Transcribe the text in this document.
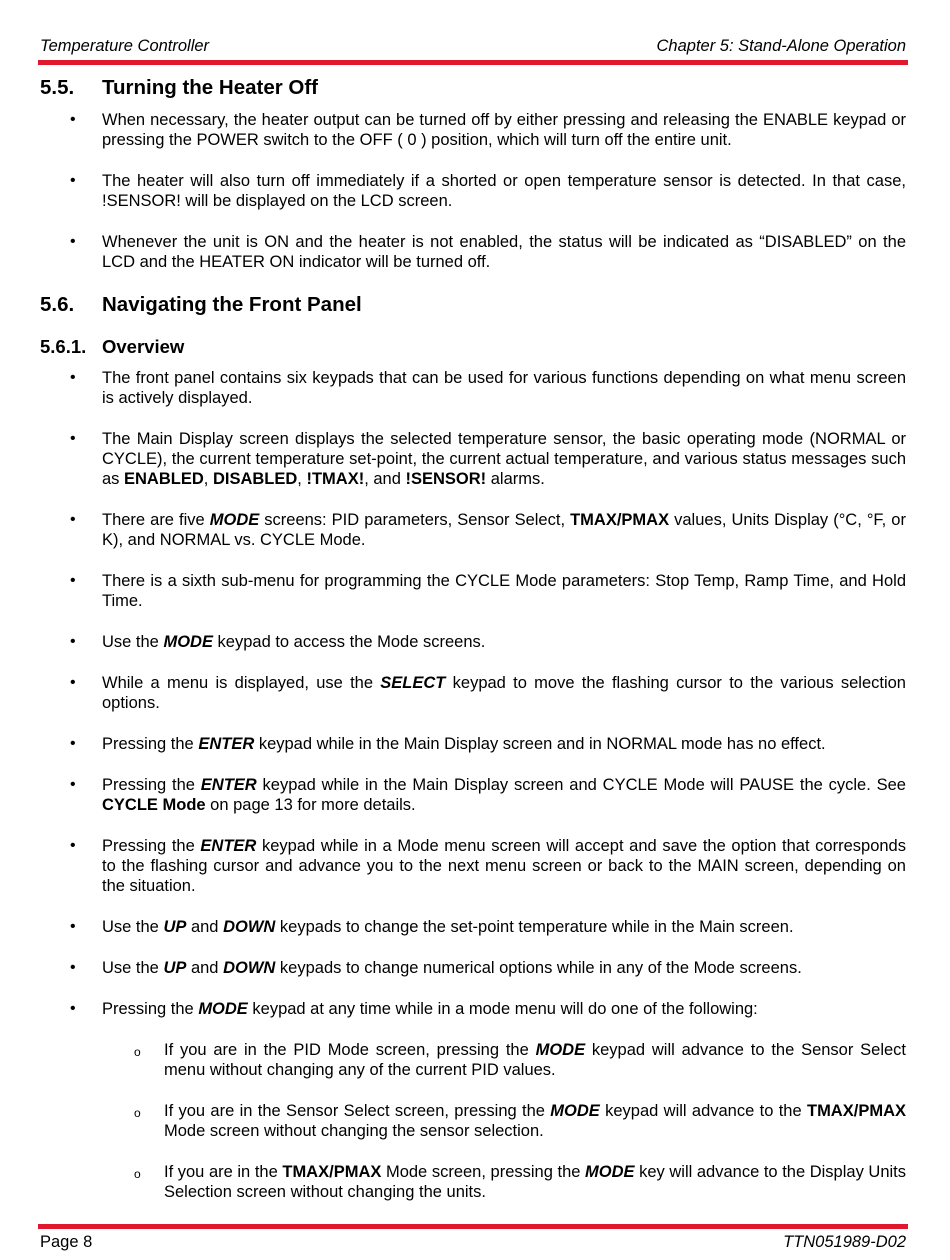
Temperature Controller	Chapter 5: Stand-Alone Operation
5.5.	Turning the Heater Off
• When necessary, the heater output can be turned off by either pressing and releasing the ENABLE keypad or pressing the POWER switch to the OFF ( 0 ) position, which will turn off the entire unit.
• The heater will also turn off immediately if a shorted or open temperature sensor is detected. In that case, !SENSOR! will be displayed on the LCD screen.
• Whenever the unit is ON and the heater is not enabled, the status will be indicated as “DISABLED” on the LCD and the HEATER ON indicator will be turned off.
5.6.	Navigating the Front Panel
5.6.1. Overview
• The front panel contains six keypads that can be used for various functions depending on what menu screen is actively displayed.
• The Main Display screen displays the selected temperature sensor, the basic operating mode (NORMAL or CYCLE), the current temperature set-point, the current actual temperature, and various status messages such as ENABLED, DISABLED, !TMAX!, and !SENSOR! alarms.
• There are five MODE screens: PID parameters, Sensor Select, TMAX/PMAX values, Units Display (°C, °F, or K), and NORMAL vs. CYCLE Mode.
• There is a sixth sub-menu for programming the CYCLE Mode parameters: Stop Temp, Ramp Time, and Hold Time.
• Use the MODE keypad to access the Mode screens.
• While a menu is displayed, use the SELECT keypad to move the flashing cursor to the various selection options.
• Pressing the ENTER keypad while in the Main Display screen and in NORMAL mode has no effect.
• Pressing the ENTER keypad while in the Main Display screen and CYCLE Mode will PAUSE the cycle. See CYCLE Mode on page 13 for more details.
• Pressing the ENTER keypad while in a Mode menu screen will accept and save the option that corresponds to the flashing cursor and advance you to the next menu screen or back to the MAIN screen, depending on the situation.
• Use the UP and DOWN keypads to change the set-point temperature while in the Main screen.
• Use the UP and DOWN keypads to change numerical options while in any of the Mode screens.
• Pressing the MODE keypad at any time while in a mode menu will do one of the following:
o If you are in the PID Mode screen, pressing the MODE keypad will advance to the Sensor Select menu without changing any of the current PID values.
o If you are in the Sensor Select screen, pressing the MODE keypad will advance to the TMAX/PMAX Mode screen without changing the sensor selection.
o If you are in the TMAX/PMAX Mode screen, pressing the MODE key will advance to the Display Units Selection screen without changing the units.
Page 8	TTN051989-D02
